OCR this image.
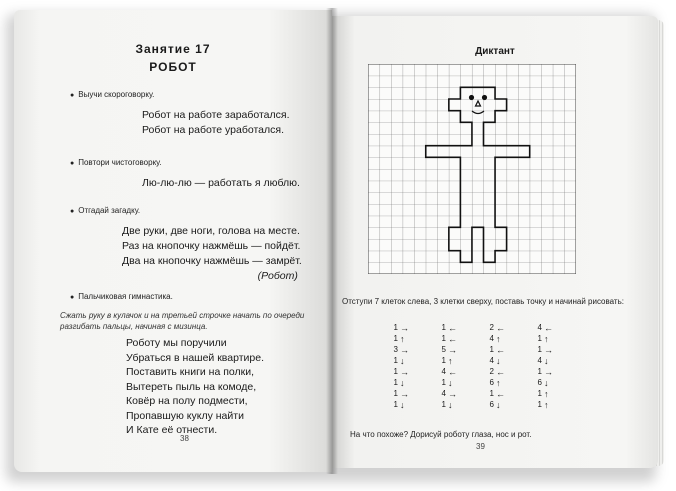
Занятие 17
РОБОТ
● Выучи скороговорку.
Робот на работе заработался.
Робот на работе уработался.
● Повтори чистоговорку.
Лю-лю-лю — работать я люблю.
● Отгадай загадку.
Две руки, две ноги, голова на месте.
Раз на кнопочку нажмёшь — пойдёт.
Два на кнопочку нажмёшь — замрёт.
(Робот)
● Пальчиковая гимнастика.
Сжать руку в кулачок и на третьей строчке начать по очереди разгибать пальцы, начиная с мизинца.
Роботу мы поручили
Убраться в нашей квартире.
Поставить книги на полки,
Вытереть пыль на комоде,
Ковёр на полу подмести,
Пропавшую куклу найти
И Кате её отнести.
38
Диктант
Отступи 7 клеток слева, 3 клетки сверху, поставь точку и начинай рисовать:
1	→		1	←		2	←		4	←
1	↑		1	←		4	↑		1	↑
3	→		5	→		1	←		1	→
1	↓		1	↑		4	↓		4	↓
1	→		4	←		2	←		1	→
1	↓		1	↓		6	↑		6	↓
1	→		4	→		1	←		1	↑
1	↓		1	↓		6	↓		1	↑
На что похоже? Дорисуй роботу глаза, нос и рот.
39
